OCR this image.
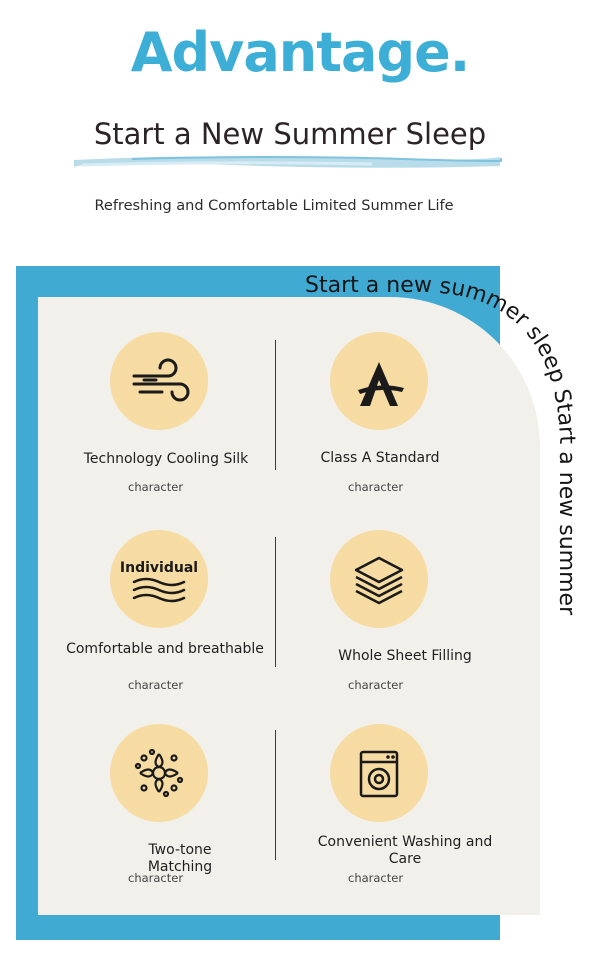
Advantage.
Start a New Summer Sleep
Refreshing and Comfortable Limited Summer Life
Start a new summer sleep Start a new summer
Technology Cooling Silk
character
Class A Standard
character
Individual
Comfortable and breathable
character
Whole Sheet Filling
character
Two-tone Matching
character
Convenient Washing and Care
character
